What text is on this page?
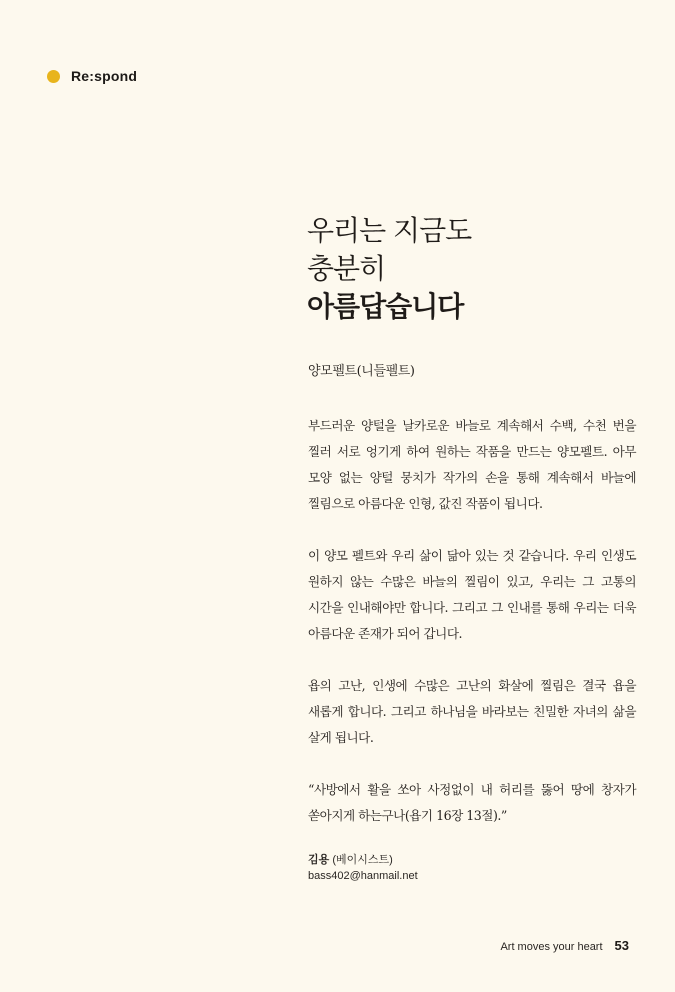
Re:spond
우리는 지금도
충분히
아름답습니다

양모펠트(니들펠트)

부드러운 양털을 날카로운 바늘로 계속해서 수백, 수천 번을 찔러 서로 엉기게 하여 원하는 작품을 만드는 양모펠트. 아무 모양 없는 양털 뭉치가 작가의 손을 통해 계속해서 바늘에 찔림으로 아름다운 인형, 값진 작품이 됩니다.

이 양모 펠트와 우리 삶이 닮아 있는 것 같습니다. 우리 인생도 원하지 않는 수많은 바늘의 찔림이 있고, 우리는 그 고통의 시간을 인내해야만 합니다. 그리고 그 인내를 통해 우리는 더욱 아름다운 존재가 되어 갑니다.

욥의 고난, 인생에 수많은 고난의 화살에 찔림은 결국 욥을 새롭게 합니다. 그리고 하나님을 바라보는 친밀한 자녀의 삶을 살게 됩니다.

“사방에서 활을 쏘아 사정없이 내 허리를 뚫어 땅에 창자가 쏟아지게 하는구나(욥기 16장 13절).”

김용 (베이시스트)
bass402@hanmail.net
Art moves your heart 53
